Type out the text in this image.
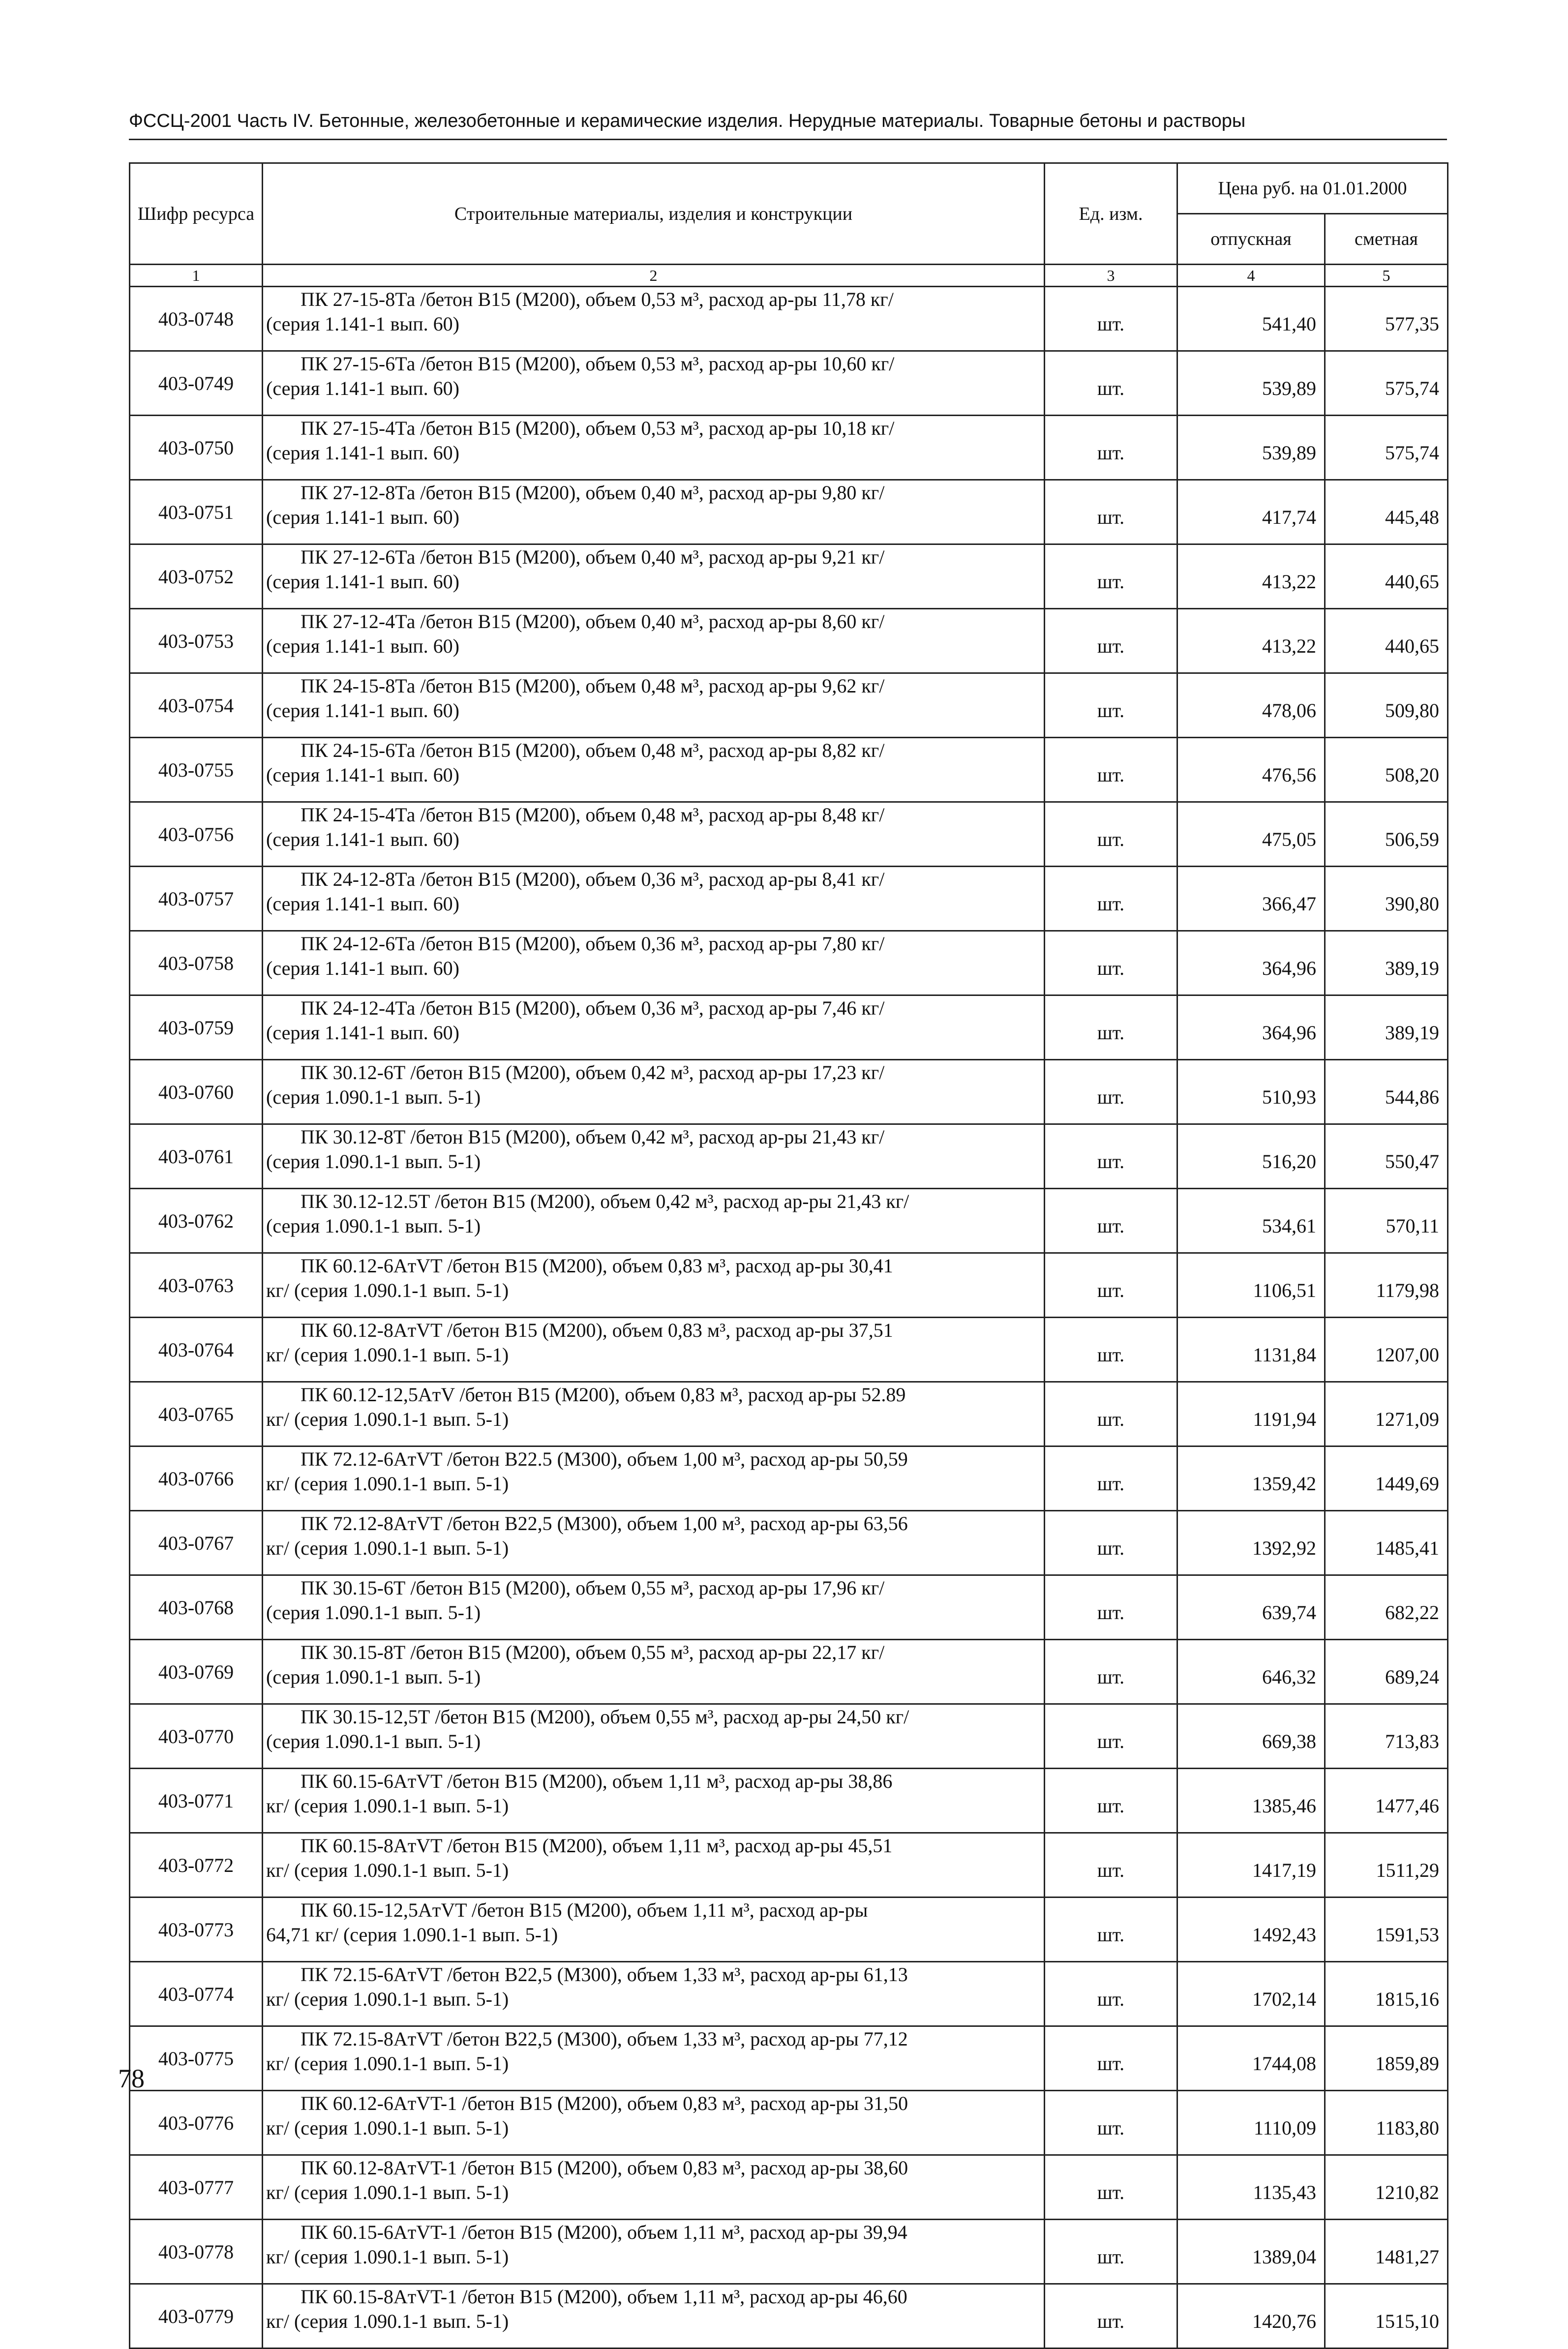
ФССЦ-2001 Часть IV. Бетонные, железобетонные и керамические изделия. Нерудные материалы. Товарные бетоны и растворы
Шифр ресурса	Строительные материалы, изделия и конструкции	Ед. изм.	Цена руб. на 01.01.2000	
			отпускная	сметная
1	2	3	4	5
403-0748	ПК 27-15-8Та /бетон В15 (М200), объем 0,53 м³, расход ар-ры 11,78 кг/
(серия 1.141-1 вып. 60)	шт.	541,40	577,35
403-0749	ПК 27-15-6Та /бетон В15 (М200), объем 0,53 м³, расход ар-ры 10,60 кг/
(серия 1.141-1 вып. 60)	шт.	539,89	575,74
403-0750	ПК 27-15-4Та /бетон В15 (М200), объем 0,53 м³, расход ар-ры 10,18 кг/
(серия 1.141-1 вып. 60)	шт.	539,89	575,74
403-0751	ПК 27-12-8Та /бетон В15 (М200), объем 0,40 м³, расход ар-ры 9,80 кг/
(серия 1.141-1 вып. 60)	шт.	417,74	445,48
403-0752	ПК 27-12-6Та /бетон В15 (М200), объем 0,40 м³, расход ар-ры 9,21 кг/
(серия 1.141-1 вып. 60)	шт.	413,22	440,65
403-0753	ПК 27-12-4Та /бетон В15 (М200), объем 0,40 м³, расход ар-ры 8,60 кг/
(серия 1.141-1 вып. 60)	шт.	413,22	440,65
403-0754	ПК 24-15-8Та /бетон В15 (М200), объем 0,48 м³, расход ар-ры 9,62 кг/
(серия 1.141-1 вып. 60)	шт.	478,06	509,80
403-0755	ПК 24-15-6Та /бетон В15 (М200), объем 0,48 м³, расход ар-ры 8,82 кг/
(серия 1.141-1 вып. 60)	шт.	476,56	508,20
403-0756	ПК 24-15-4Та /бетон В15 (М200), объем 0,48 м³, расход ар-ры 8,48 кг/
(серия 1.141-1 вып. 60)	шт.	475,05	506,59
403-0757	ПК 24-12-8Та /бетон В15 (М200), объем 0,36 м³, расход ар-ры 8,41 кг/
(серия 1.141-1 вып. 60)	шт.	366,47	390,80
403-0758	ПК 24-12-6Та /бетон В15 (М200), объем 0,36 м³, расход ар-ры 7,80 кг/
(серия 1.141-1 вып. 60)	шт.	364,96	389,19
403-0759	ПК 24-12-4Та /бетон В15 (М200), объем 0,36 м³, расход ар-ры 7,46 кг/
(серия 1.141-1 вып. 60)	шт.	364,96	389,19
403-0760	ПК 30.12-6Т /бетон В15 (М200), объем 0,42 м³, расход ар-ры 17,23 кг/
(серия 1.090.1-1 вып. 5-1)	шт.	510,93	544,86
403-0761	ПК 30.12-8Т /бетон В15 (М200), объем 0,42 м³, расход ар-ры 21,43 кг/
(серия 1.090.1-1 вып. 5-1)	шт.	516,20	550,47
403-0762	ПК 30.12-12.5Т /бетон В15 (М200), объем 0,42 м³, расход ар-ры 21,43 кг/
(серия 1.090.1-1 вып. 5-1)	шт.	534,61	570,11
403-0763	ПК 60.12-6AтVT /бетон В15 (М200), объем 0,83 м³, расход ар-ры 30,41
кг/ (серия 1.090.1-1 вып. 5-1)	шт.	1106,51	1179,98
403-0764	ПК 60.12-8AтVT /бетон В15 (М200), объем 0,83 м³, расход ар-ры 37,51
кг/ (серия 1.090.1-1 вып. 5-1)	шт.	1131,84	1207,00
403-0765	ПК 60.12-12,5AтV /бетон В15 (М200), объем 0,83 м³, расход ар-ры 52.89
кг/ (серия 1.090.1-1 вып. 5-1)	шт.	1191,94	1271,09
403-0766	ПК 72.12-6AтVT /бетон В22.5 (М300), объем 1,00 м³, расход ар-ры 50,59
кг/ (серия 1.090.1-1 вып. 5-1)	шт.	1359,42	1449,69
403-0767	ПК 72.12-8AтVT /бетон В22,5 (М300), объем 1,00 м³, расход ар-ры 63,56
кг/ (серия 1.090.1-1 вып. 5-1)	шт.	1392,92	1485,41
403-0768	ПК 30.15-6Т /бетон В15 (М200), объем 0,55 м³, расход ар-ры 17,96 кг/
(серия 1.090.1-1 вып. 5-1)	шт.	639,74	682,22
403-0769	ПК 30.15-8Т /бетон В15 (М200), объем 0,55 м³, расход ар-ры 22,17 кг/
(серия 1.090.1-1 вып. 5-1)	шт.	646,32	689,24
403-0770	ПК 30.15-12,5Т /бетон В15 (М200), объем 0,55 м³, расход ар-ры 24,50 кг/
(серия 1.090.1-1 вып. 5-1)	шт.	669,38	713,83
403-0771	ПК 60.15-6AтVT /бетон В15 (М200), объем 1,11 м³, расход ар-ры 38,86
кг/ (серия 1.090.1-1 вып. 5-1)	шт.	1385,46	1477,46
403-0772	ПК 60.15-8AтVT /бетон В15 (М200), объем 1,11 м³, расход ар-ры 45,51
кг/ (серия 1.090.1-1 вып. 5-1)	шт.	1417,19	1511,29
403-0773	ПК 60.15-12,5AтVT /бетон В15 (М200), объем 1,11 м³, расход ар-ры
64,71 кг/ (серия 1.090.1-1 вып. 5-1)	шт.	1492,43	1591,53
403-0774	ПК 72.15-6AтVT /бетон В22,5 (М300), объем 1,33 м³, расход ар-ры 61,13
кг/ (серия 1.090.1-1 вып. 5-1)	шт.	1702,14	1815,16
403-0775	ПК 72.15-8AтVT /бетон В22,5 (М300), объем 1,33 м³, расход ар-ры 77,12
кг/ (серия 1.090.1-1 вып. 5-1)	шт.	1744,08	1859,89
403-0776	ПК 60.12-6AтVT-1 /бетон В15 (М200), объем 0,83 м³, расход ар-ры 31,50
кг/ (серия 1.090.1-1 вып. 5-1)	шт.	1110,09	1183,80
403-0777	ПК 60.12-8AтVT-1 /бетон В15 (М200), объем 0,83 м³, расход ар-ры 38,60
кг/ (серия 1.090.1-1 вып. 5-1)	шт.	1135,43	1210,82
403-0778	ПК 60.15-6AтVT-1 /бетон В15 (М200), объем 1,11 м³, расход ар-ры 39,94
кг/ (серия 1.090.1-1 вып. 5-1)	шт.	1389,04	1481,27
403-0779	ПК 60.15-8AтVT-1 /бетон В15 (М200), объем 1,11 м³, расход ар-ры 46,60
кг/ (серия 1.090.1-1 вып. 5-1)	шт.	1420,76	1515,10
78
